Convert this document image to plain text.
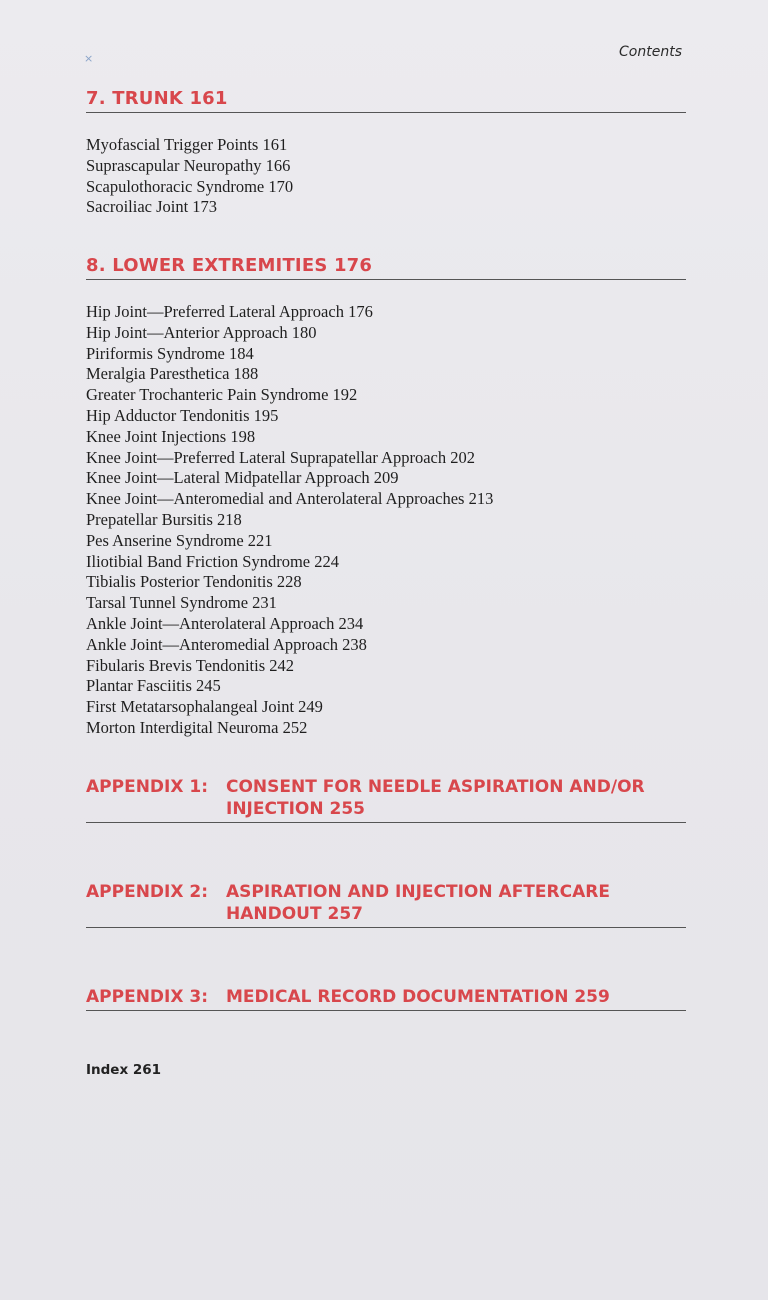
×	Contents
7. TRUNK 161
Myofascial Trigger Points 161
Suprascapular Neuropathy 166
Scapulothoracic Syndrome 170
Sacroiliac Joint 173
8. LOWER EXTREMITIES 176
Hip Joint—Preferred Lateral Approach 176
Hip Joint—Anterior Approach 180
Piriformis Syndrome 184
Meralgia Paresthetica 188
Greater Trochanteric Pain Syndrome 192
Hip Adductor Tendonitis 195
Knee Joint Injections 198
Knee Joint—Preferred Lateral Suprapatellar Approach 202
Knee Joint—Lateral Midpatellar Approach 209
Knee Joint—Anteromedial and Anterolateral Approaches 213
Prepatellar Bursitis 218
Pes Anserine Syndrome 221
Iliotibial Band Friction Syndrome 224
Tibialis Posterior Tendonitis 228
Tarsal Tunnel Syndrome 231
Ankle Joint—Anterolateral Approach 234
Ankle Joint—Anteromedial Approach 238
Fibularis Brevis Tendonitis 242
Plantar Fasciitis 245
First Metatarsophalangeal Joint 249
Morton Interdigital Neuroma 252
APPENDIX 1:	CONSENT FOR NEEDLE ASPIRATION AND/OR INJECTION 255
APPENDIX 2:	ASPIRATION AND INJECTION AFTERCARE HANDOUT 257
APPENDIX 3:	MEDICAL RECORD DOCUMENTATION 259
Index 261
